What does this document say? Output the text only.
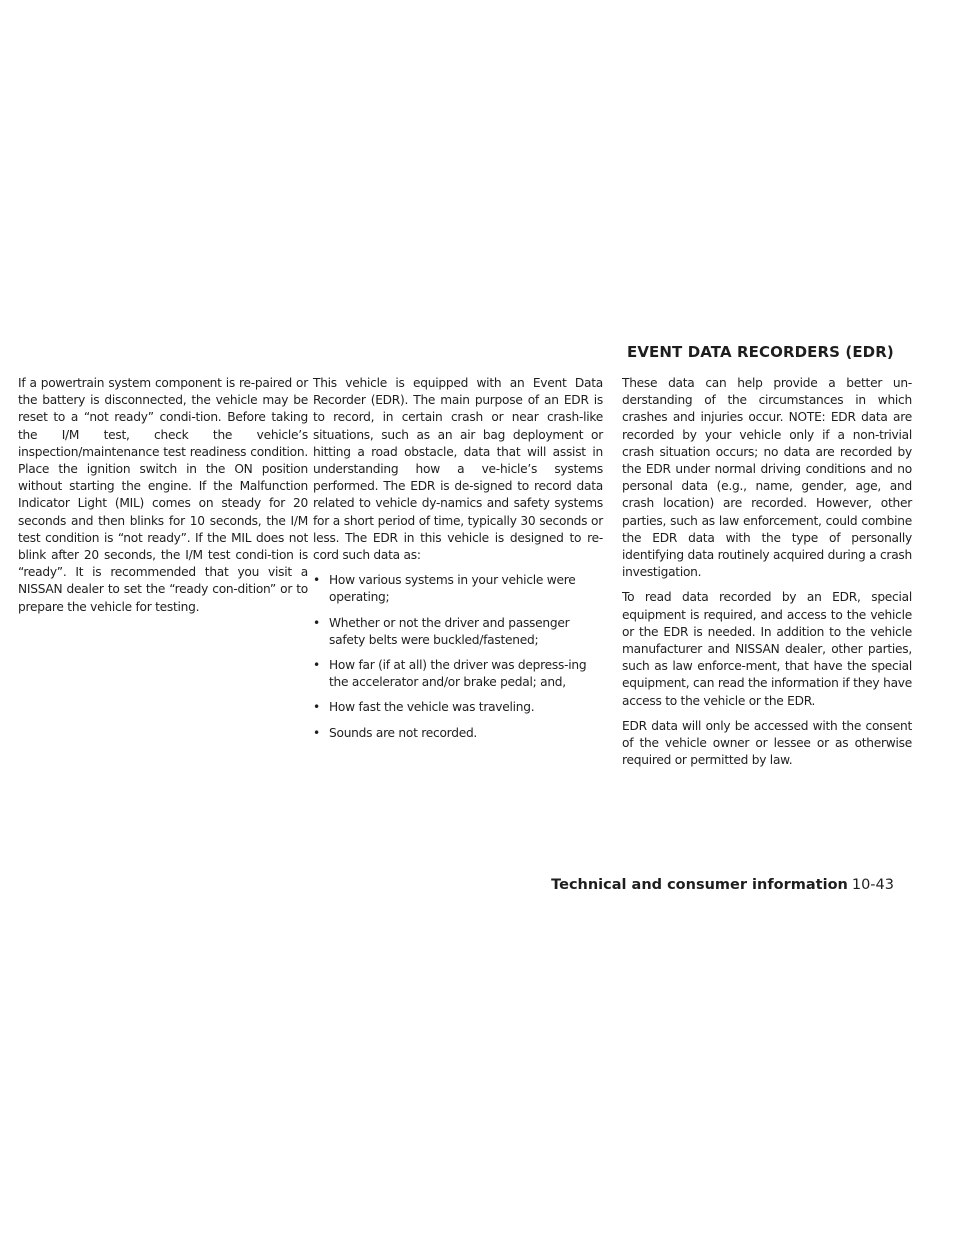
EVENT DATA RECORDERS (EDR)

If a powertrain system component is re-paired or the battery is disconnected, the vehicle may be reset to a “not ready” condi-tion. Before taking the I/M test, check the vehicle’s inspection/maintenance test readiness condition. Place the ignition switch in the ON position without starting the engine. If the Malfunction Indicator Light (MIL) comes on steady for 20 seconds and then blinks for 10 seconds, the I/M test condition is “not ready”. If the MIL does not blink after 20 seconds, the I/M test condi-tion is “ready”. It is recommended that you visit a NISSAN dealer to set the “ready con-dition” or to prepare the vehicle for testing.

This vehicle is equipped with an Event Data Recorder (EDR). The main purpose of an EDR is to record, in certain crash or near crash-like situations, such as an air bag deployment or hitting a road obstacle, data that will assist in understanding how a ve-hicle’s systems performed. The EDR is de-signed to record data related to vehicle dy-namics and safety systems for a short period of time, typically 30 seconds or less. The EDR in this vehicle is designed to re-cord such data as:

• How various systems in your vehicle were operating;
• Whether or not the driver and passenger safety belts were buckled/fastened;
• How far (if at all) the driver was depress-ing the accelerator and/or brake pedal; and,
• How fast the vehicle was traveling.
• Sounds are not recorded.

These data can help provide a better un-derstanding of the circumstances in which crashes and injuries occur. NOTE: EDR data are recorded by your vehicle only if a non-trivial crash situation occurs; no data are recorded by the EDR under normal driving conditions and no personal data (e.g., name, gender, age, and crash location) are recorded. However, other parties, such as law enforcement, could combine the EDR data with the type of personally identifying data routinely acquired during a crash investigation.

To read data recorded by an EDR, special equipment is required, and access to the vehicle or the EDR is needed. In addition to the vehicle manufacturer and NISSAN dealer, other parties, such as law enforce-ment, that have the special equipment, can read the information if they have access to the vehicle or the EDR.

EDR data will only be accessed with the consent of the vehicle owner or lessee or as otherwise required or permitted by law.

Technical and consumer information 10-43
